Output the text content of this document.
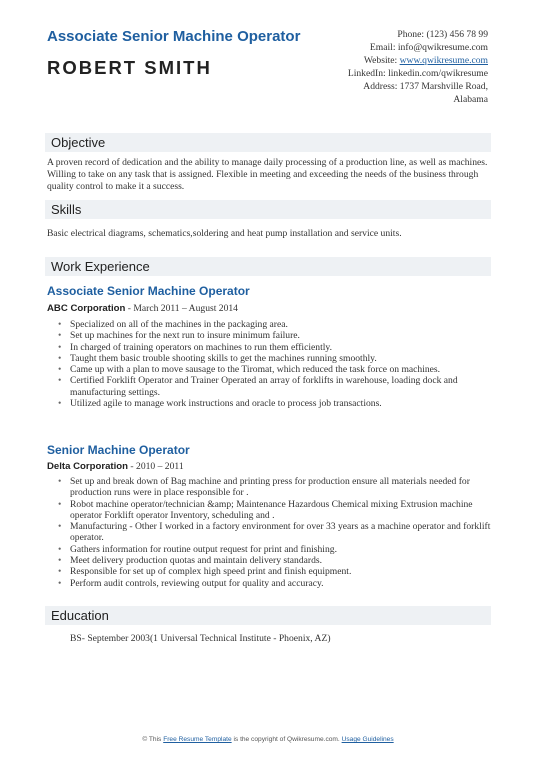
Associate Senior Machine Operator
ROBERT SMITH
Phone: (123) 456 78 99
Email: info@qwikresume.com
Website: www.qwikresume.com
LinkedIn: linkedin.com/qwikresume
Address: 1737 Marshville Road,
Alabama
Objective
A proven record of dedication and the ability to manage daily processing of a production line, as well as machines. Willing to take on any task that is assigned. Flexible in meeting and exceeding the needs of the business through quality control to make it a success.
Skills
Basic electrical diagrams, schematics,soldering and heat pump installation and service units.
Work Experience
Associate Senior Machine Operator
ABC Corporation - March 2011 – August 2014
• Specialized on all of the machines in the packaging area.
• Set up machines for the next run to insure minimum failure.
• In charged of training operators on machines to run them efficiently.
• Taught them basic trouble shooting skills to get the machines running smoothly.
• Came up with a plan to move sausage to the Tiromat, which reduced the task force on machines.
• Certified Forklift Operator and Trainer Operated an array of forklifts in warehouse, loading dock and manufacturing settings.
• Utilized agile to manage work instructions and oracle to process job transactions.
Senior Machine Operator
Delta Corporation - 2010 – 2011
• Set up and break down of Bag machine and printing press for production ensure all materials needed for production runs were in place responsible for .
• Robot machine operator/technician &amp; Maintenance Hazardous Chemical mixing Extrusion machine operator Forklift operator Inventory, scheduling and .
• Manufacturing - Other I worked in a factory environment for over 33 years as a machine operator and forklift operator.
• Gathers information for routine output request for print and finishing.
• Meet delivery production quotas and maintain delivery standards.
• Responsible for set up of complex high speed print and finish equipment.
• Perform audit controls, reviewing output for quality and accuracy.
Education
BS- September 2003(1 Universal Technical Institute - Phoenix, AZ)
© This Free Resume Template is the copyright of Qwikresume.com. Usage Guidelines
